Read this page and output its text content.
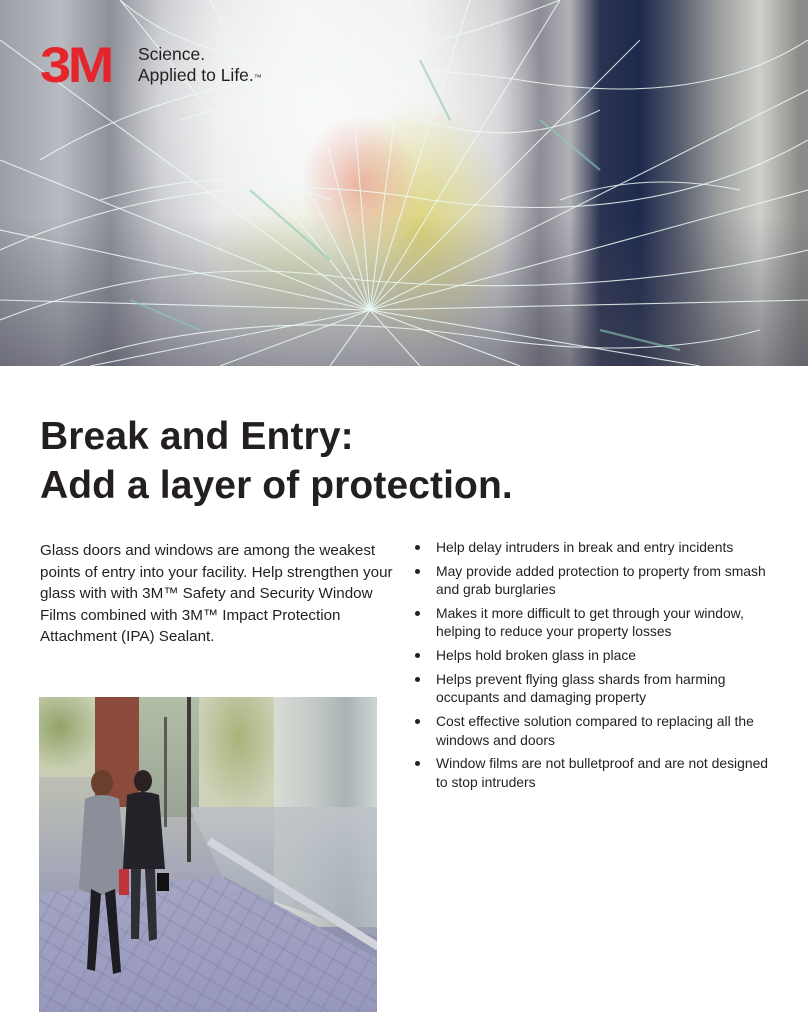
3M	Science.
Applied to Life.™
Break and Entry:
Add a layer of protection.

Glass doors and windows are among the weakest points of entry into your facility. Help strengthen your glass with with 3M™ Safety and Security Window Films combined with 3M™ Impact Protection Attachment (IPA) Sealant.

Help delay intruders in break and entry incidents
May provide added protection to property from smash and grab burglaries
Makes it more difficult to get through your window, helping to reduce your property losses
Helps hold broken glass in place
Helps prevent flying glass shards from harming occupants and damaging property
Cost effective solution compared to replacing all the windows and doors
Window films are not bulletproof and are not designed to stop intruders
